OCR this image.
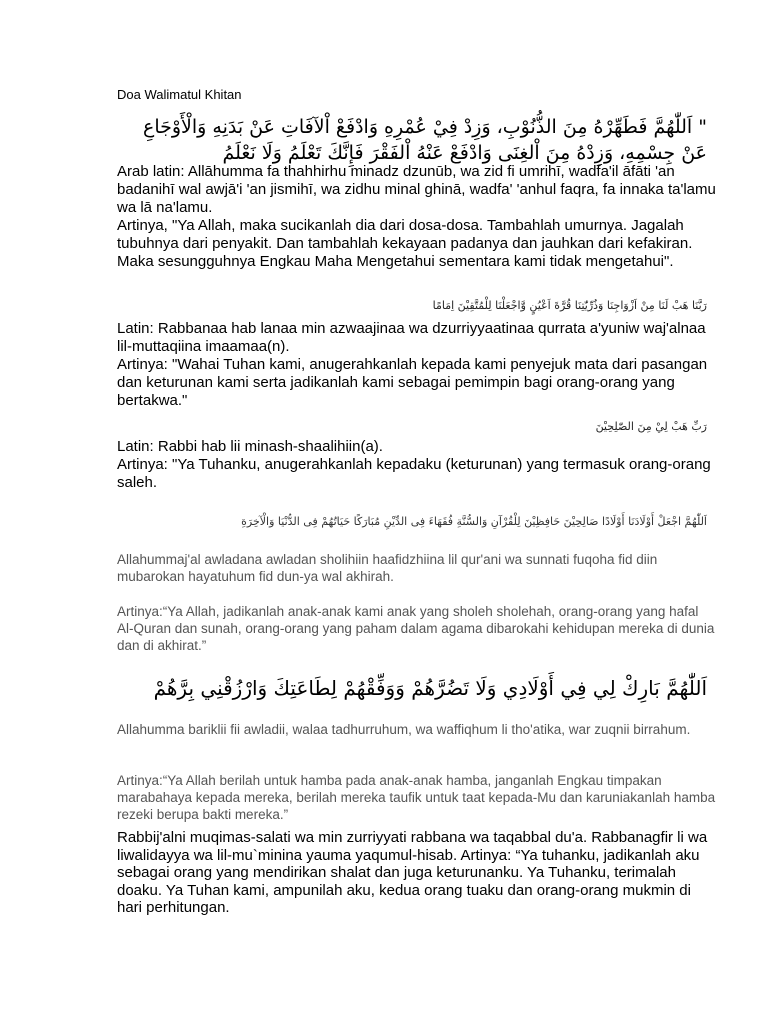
Doa Walimatul Khitan
" اَللّٰهُمَّ فَطَهِّرْهُ مِنَ الذُّنُوْبِ، وَزِدْ فِيْ عُمْرِهِ وَادْفَعْ اْلآفَاتِ عَنْ بَدَنِهِ وَالْأَوْجَاعِ عَنْ جِسْمِهِ، وَزِدْهُ مِنَ اْلغِنَى وَادْفَعْ عَنْهُ اْلفَقْرَ فَإِنَّكَ تَعْلَمُ وَلَا نَعْلَمُ

Arab latin: Allāhumma fa thahhirhu minadz dzunūb, wa zid fi umrihī, wadfa'il āfāti 'an badanihī wal awjā'i 'an jismihī, wa zidhu minal ghinā, wadfa' 'anhul faqra, fa innaka ta'lamu wa lā na'lamu.

Artinya, "Ya Allah, maka sucikanlah dia dari dosa-dosa. Tambahlah umurnya. Jagalah tubuhnya dari penyakit. Dan tambahlah kekayaan padanya dan jauhkan dari kefakiran. Maka sesungguhnya Engkau Maha Mengetahui sementara kami tidak mengetahui".

رَبَّنَا هَبْ لَنَا مِنْ اَزْوَاجِنَا وَذُرِّيّٰتِنَا قُرَّةَ اَعْيُنٍ وَّاجْعَلْنَا لِلْمُتَّقِيْنَ اِمَامًا

Latin: Rabbanaa hab lanaa min azwaajinaa wa dzurriyyaatinaa qurrata a'yuniw waj'alnaa lil-muttaqiina imaamaa(n).

Artinya: "Wahai Tuhan kami, anugerahkanlah kepada kami penyejuk mata dari pasangan dan keturunan kami serta jadikanlah kami sebagai pemimpin bagi orang-orang yang bertakwa."

رَبِّ هَبْ لِيْ مِنَ الصّٰلِحِيْنَ

Latin: Rabbi hab lii minash-shaalihiin(a).

Artinya: "Ya Tuhanku, anugerahkanlah kepadaku (keturunan) yang termasuk orang-orang saleh.

اَللّٰهُمَّ اجْعَلْ أَوْلَادَنَا أَوْلَادًا صَالِحِيْنَ حَافِظِيْنَ لِلْقُرْآنِ وَالسُّنَّةِ فُقَهَاءَ فِى الدِّيْنِ مُبَارَكًا حَيَاتُهُمْ فِى الدُّنْيَا وَالْآخِرَةِ
Allahummaj'al awladana awladan sholihiin haafidzhiina lil qur'ani wa sunnati fuqoha fid diin mubarokan hayatuhum fid dun-ya wal akhirah.
Artinya:“Ya Allah, jadikanlah anak-anak kami anak yang sholeh sholehah, orang-orang yang hafal Al-Quran dan sunah, orang-orang yang paham dalam agama dibarokahi kehidupan mereka di dunia dan di akhirat.”
اَللّٰهُمَّ بَارِكْ لِي فِي أَوْلَادِي وَلَا تَضُرَّهُمْ وَوَفِّقْهُمْ لِطَاعَتِكَ وَارْزُقْنِي بِرَّهُمْ
Allahumma bariklii fii awladii, walaa tadhurruhum, wa waffiqhum li tho'atika, war zuqnii birrahum.
Artinya:“Ya Allah berilah untuk hamba pada anak-anak hamba, janganlah Engkau timpakan marabahaya kepada mereka, berilah mereka taufik untuk taat kepada-Mu dan karuniakanlah hamba rezeki berupa bakti mereka.”
Rabbij'alni muqimas-salati wa min zurriyyati rabbana wa taqabbal du'a. Rabbanagfir li wa liwalidayya wa lil-mu`minina yauma yaqumul-hisab. Artinya: “Ya tuhanku, jadikanlah aku sebagai orang yang mendirikan shalat dan juga keturunanku. Ya Tuhanku, terimalah doaku. Ya Tuhan kami, ampunilah aku, kedua orang tuaku dan orang-orang mukmin di hari perhitungan.
